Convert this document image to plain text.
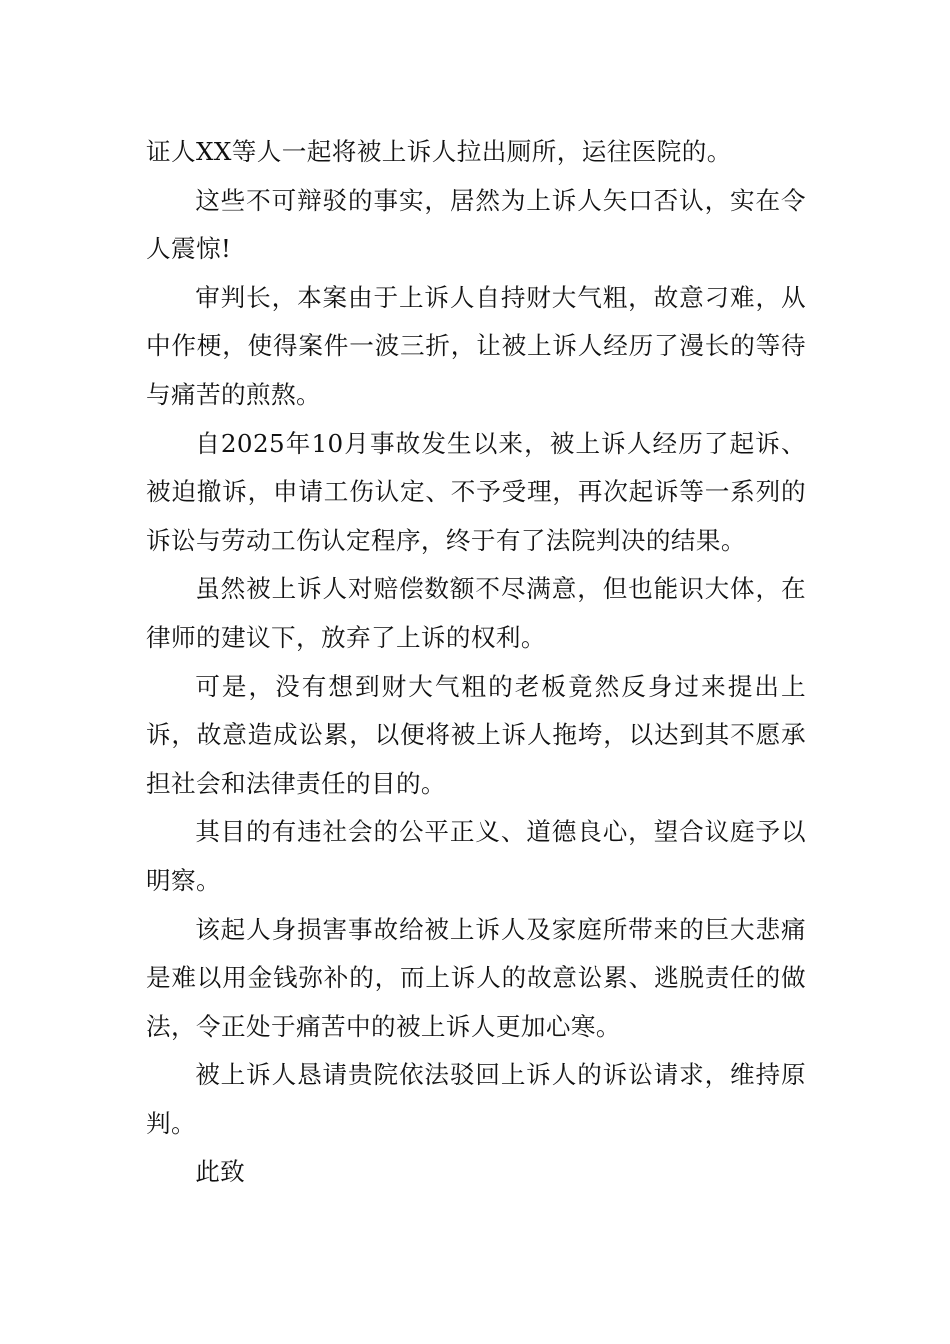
证人XX等人一起将被上诉人拉出厕所，运往医院的。

这些不可辩驳的事实，居然为上诉人矢口否认，实在令人震惊!

审判长，本案由于上诉人自持财大气粗，故意刁难，从中作梗，使得案件一波三折，让被上诉人经历了漫长的等待与痛苦的煎熬。

自2025年10月事故发生以来，被上诉人经历了起诉、被迫撤诉，申请工伤认定、不予受理，再次起诉等一系列的诉讼与劳动工伤认定程序，终于有了法院判决的结果。

虽然被上诉人对赔偿数额不尽满意，但也能识大体，在律师的建议下，放弃了上诉的权利。

可是，没有想到财大气粗的老板竟然反身过来提出上诉，故意造成讼累，以便将被上诉人拖垮，以达到其不愿承担社会和法律责任的目的。

其目的有违社会的公平正义、道德良心，望合议庭予以明察。

该起人身损害事故给被上诉人及家庭所带来的巨大悲痛是难以用金钱弥补的，而上诉人的故意讼累、逃脱责任的做法，令正处于痛苦中的被上诉人更加心寒。

被上诉人恳请贵院依法驳回上诉人的诉讼请求，维持原判。

此致
